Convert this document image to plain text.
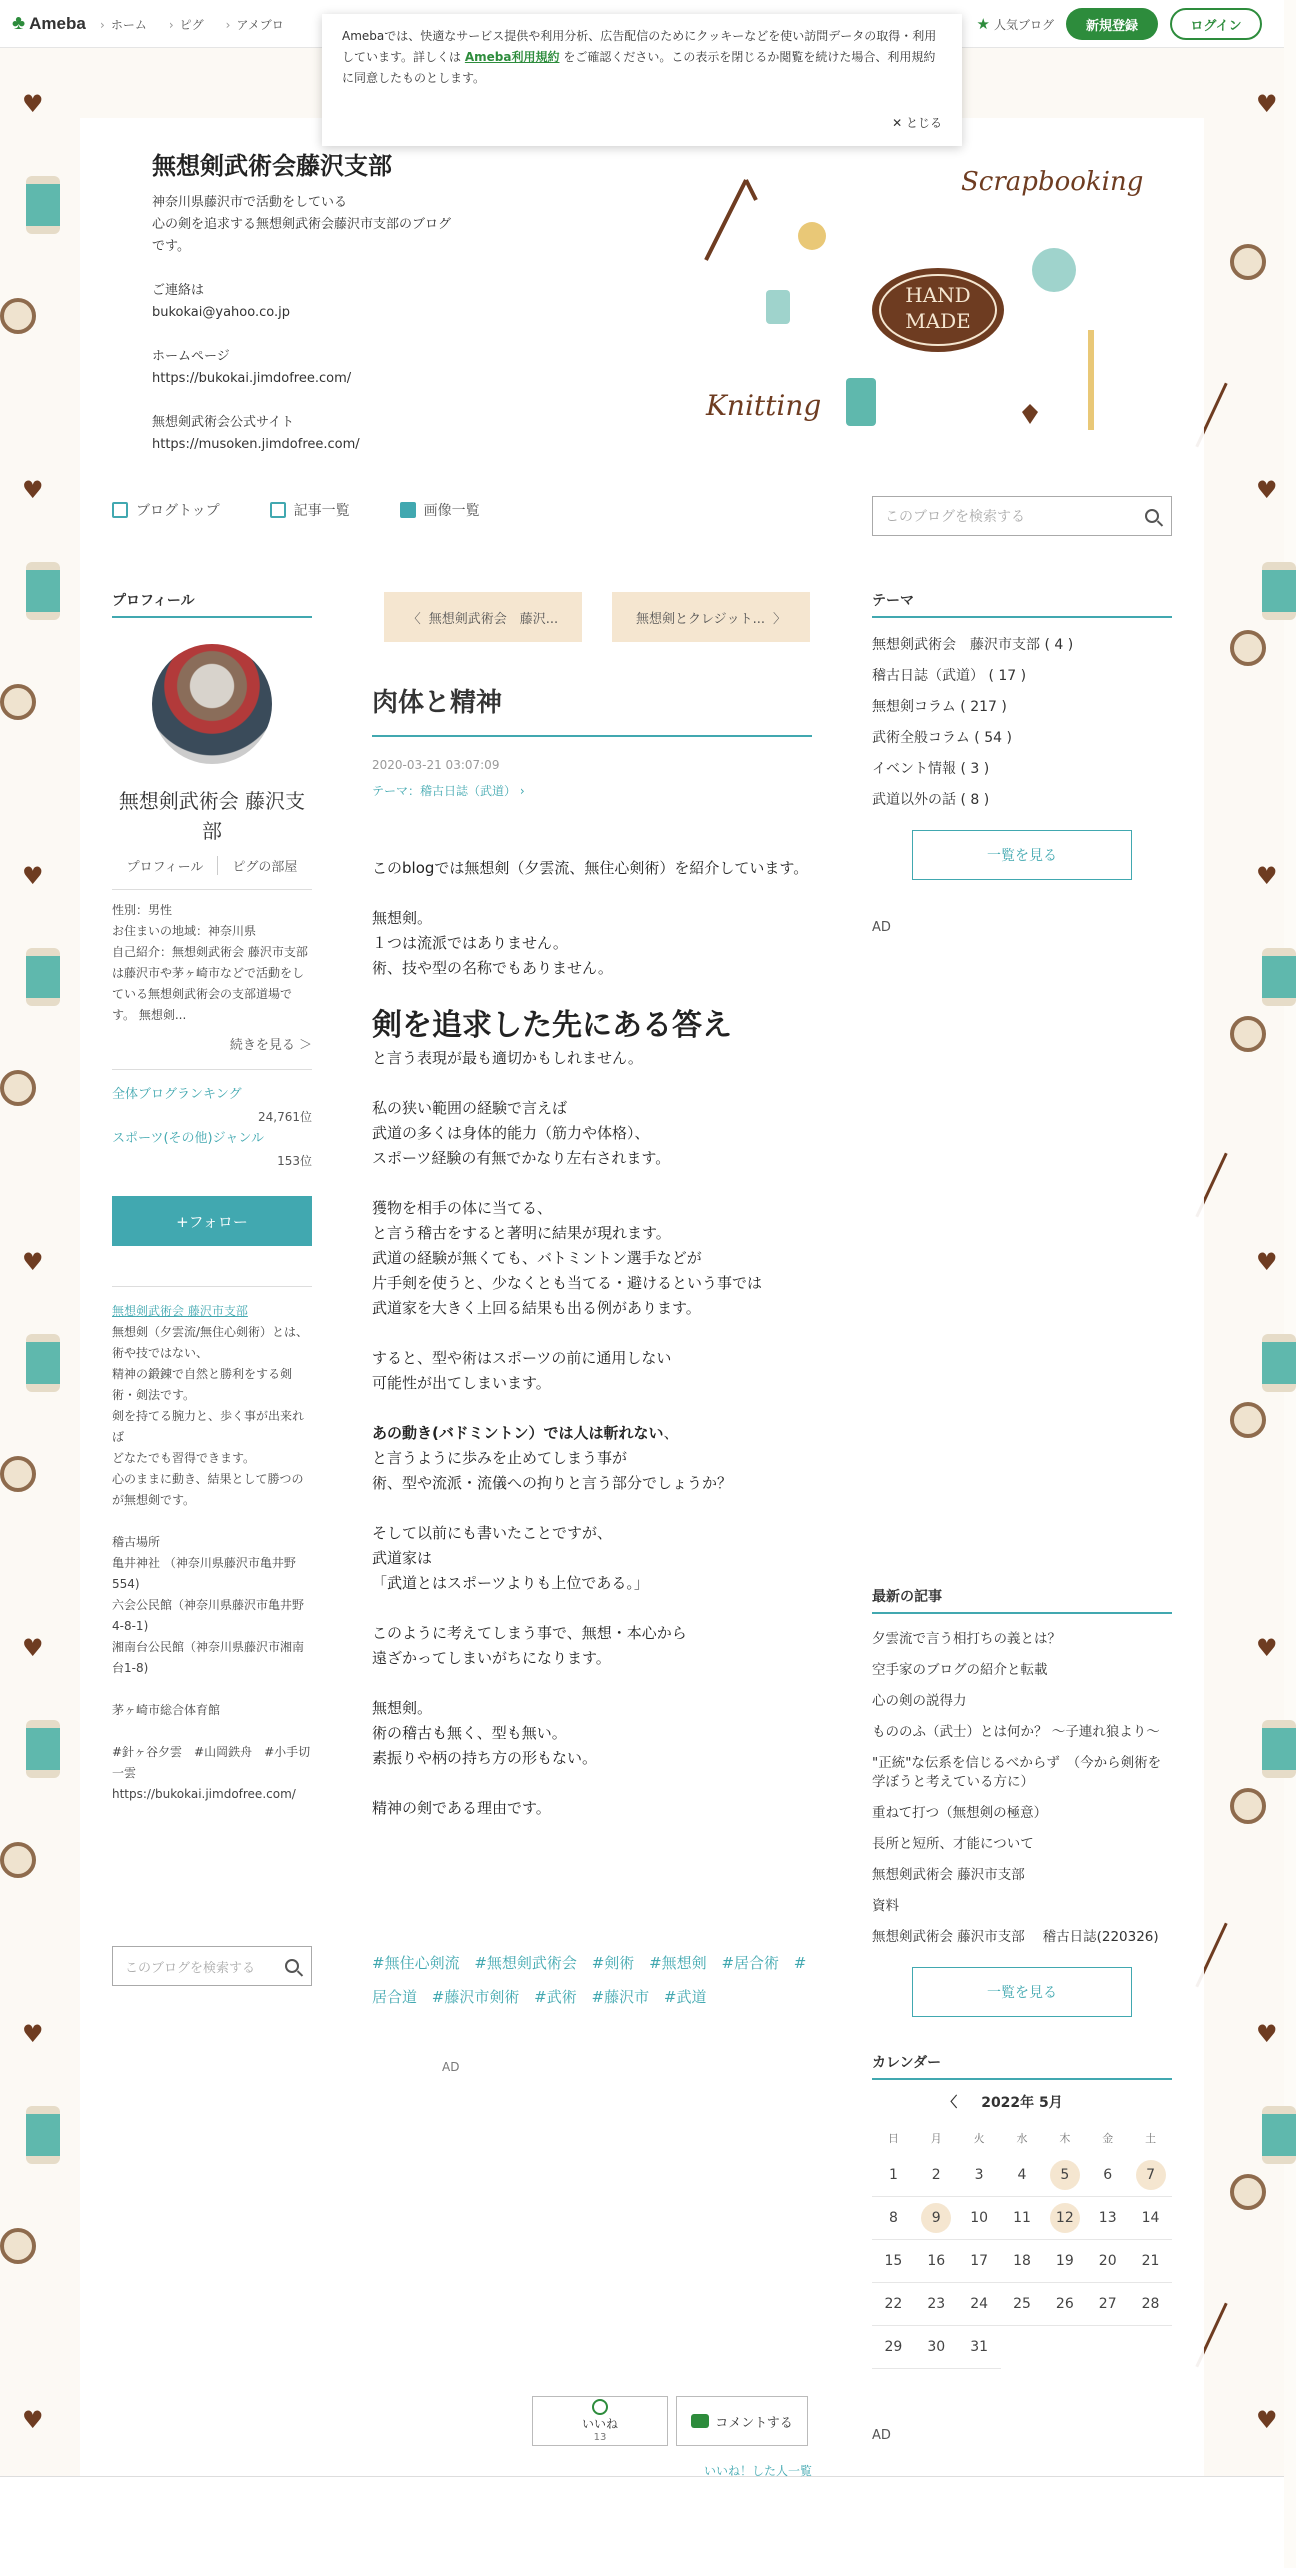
♥
♥
♥
♥
♥
♥
♥
♥
♥
♥
♥
♥
♥
♥
♣ Ameba	› ホーム	› ピグ	› アメブロ	★ 人気ブログ	新規登録	ログイン
Amebaでは、快適なサービス提供や利用分析、広告配信のためにクッキーなどを使い訪問データの取得・利用しています。詳しくは Ameba利用規約 をご確認ください。この表示を閉じるか閲覧を続けた場合、利用規約に同意したものとします。
✕ とじる
無想剣武術会藤沢支部
神奈川県藤沢市で活動をしている
心の剣を追求する無想剣武術会藤沢市支部のブログです。

ご連絡は
bukokai@yahoo.co.jp

ホームページ
https://bukokai.jimdofree.com/

無想剣武術会公式サイト
https://musoken.jimdofree.com/
HAND
MADE
Scrapbooking
Knitting
ブログトップ	記事一覧	画像一覧	このブログを検索する
プロフィール
無想剣武術会 藤沢支部
プロフィール	ピグの部屋
性別：男性
お住まいの地域：神奈川県
自己紹介：無想剣武術会 藤沢市支部は藤沢市や茅ヶ崎市などで活動をしている無想剣武術会の支部道場です。 無想剣...
続きを見る ＞
全体ブログランキング
24,761位
スポーツ(その他)ジャンル
153位
+フォロー
無想剣武術会 藤沢市支部
無想剣（夕雲流/無住心剣術）とは、術や技ではない、
精神の鍛錬で自然と勝利をする剣術・剣法です。
剣を持てる腕力と、歩く事が出来れば
どなたでも習得できます。
心のままに動き、結果として勝つのが無想剣です。

稽古場所
亀井神社 （神奈川県藤沢市亀井野554)
六会公民館（神奈川県藤沢市亀井野4-8-1)
湘南台公民館（神奈川県藤沢市湘南台1-8)

茅ヶ崎市総合体育館

#針ヶ谷夕雲　#山岡鉄舟　#小手切一雲
https://bukokai.jimdofree.com/
このブログを検索する
AD
〈 無想剣武術会　藤沢...	無想剣とクレジット... 〉
肉体と精神
2020-03-21 03:07:09
テーマ：稽古日誌（武道） ›

このblogでは無想剣（夕雲流、無住心剣術）を紹介しています。

無想剣。
１つは流派ではありません。
術、技や型の名称でもありません。

剣を追求した先にある答え

と言う表現が最も適切かもしれません。

私の狭い範囲の経験で言えば
武道の多くは身体的能力（筋力や体格）、
スポーツ経験の有無でかなり左右されます。

獲物を相手の体に当てる、
と言う稽古をすると著明に結果が現れます。
武道の経験が無くても、バトミントン選手などが
片手剣を使うと、少なくとも当てる・避けるという事では
武道家を大きく上回る結果も出る例があります。

すると、型や術はスポーツの前に通用しない
可能性が出てしまいます。

あの動き(バドミントン）では人は斬れない、
と言うように歩みを止めてしまう事が
術、型や流派・流儀への拘りと言う部分でしょうか？

そして以前にも書いたことですが、
武道家は
「武道とはスポーツよりも上位である。」

このように考えてしまう事で、無想・本心から
遠ざかってしまいがちになります。

無想剣。
術の稽古も無く、型も無い。
素振りや柄の持ち方の形もない。

精神の剣である理由です。

#無住心剣流 #無想剣武術会 #剣術 #無想剣 #居合術 #居合道 #藤沢市剣術 #武術 #藤沢市 #武道
テーマ
無想剣武術会　藤沢市支部 ( 4 )
稽古日誌（武道） ( 17 )
無想剣コラム ( 217 )
武術全般コラム ( 54 )
イベント情報 ( 3 )
武道以外の話 ( 8 )
一覧を見る
AD
最新の記事
夕雲流で言う相打ちの義とは？
空手家のブログの紹介と転載
心の剣の説得力
もののふ（武士）とは何か？ ～子連れ狼より～
"正統"な伝系を信じるべからず　（今から剣術を学ぼうと考えている方に）
重ねて打つ（無想剣の極意）
長所と短所、才能について
無想剣武術会 藤沢市支部
資料
無想剣武術会 藤沢市支部　 稽古日誌(220326)
一覧を見る
カレンダー
〈 2022年 5月
日	月	火	水	木	金	土
1	2	3	4	5	6	7
8	9	10	11	12	13	14
15	16	17	18	19	20	21
22	23	24	25	26	27	28
29	30	31
AD
いいね
13
コメントする
いいね！した人一覧
